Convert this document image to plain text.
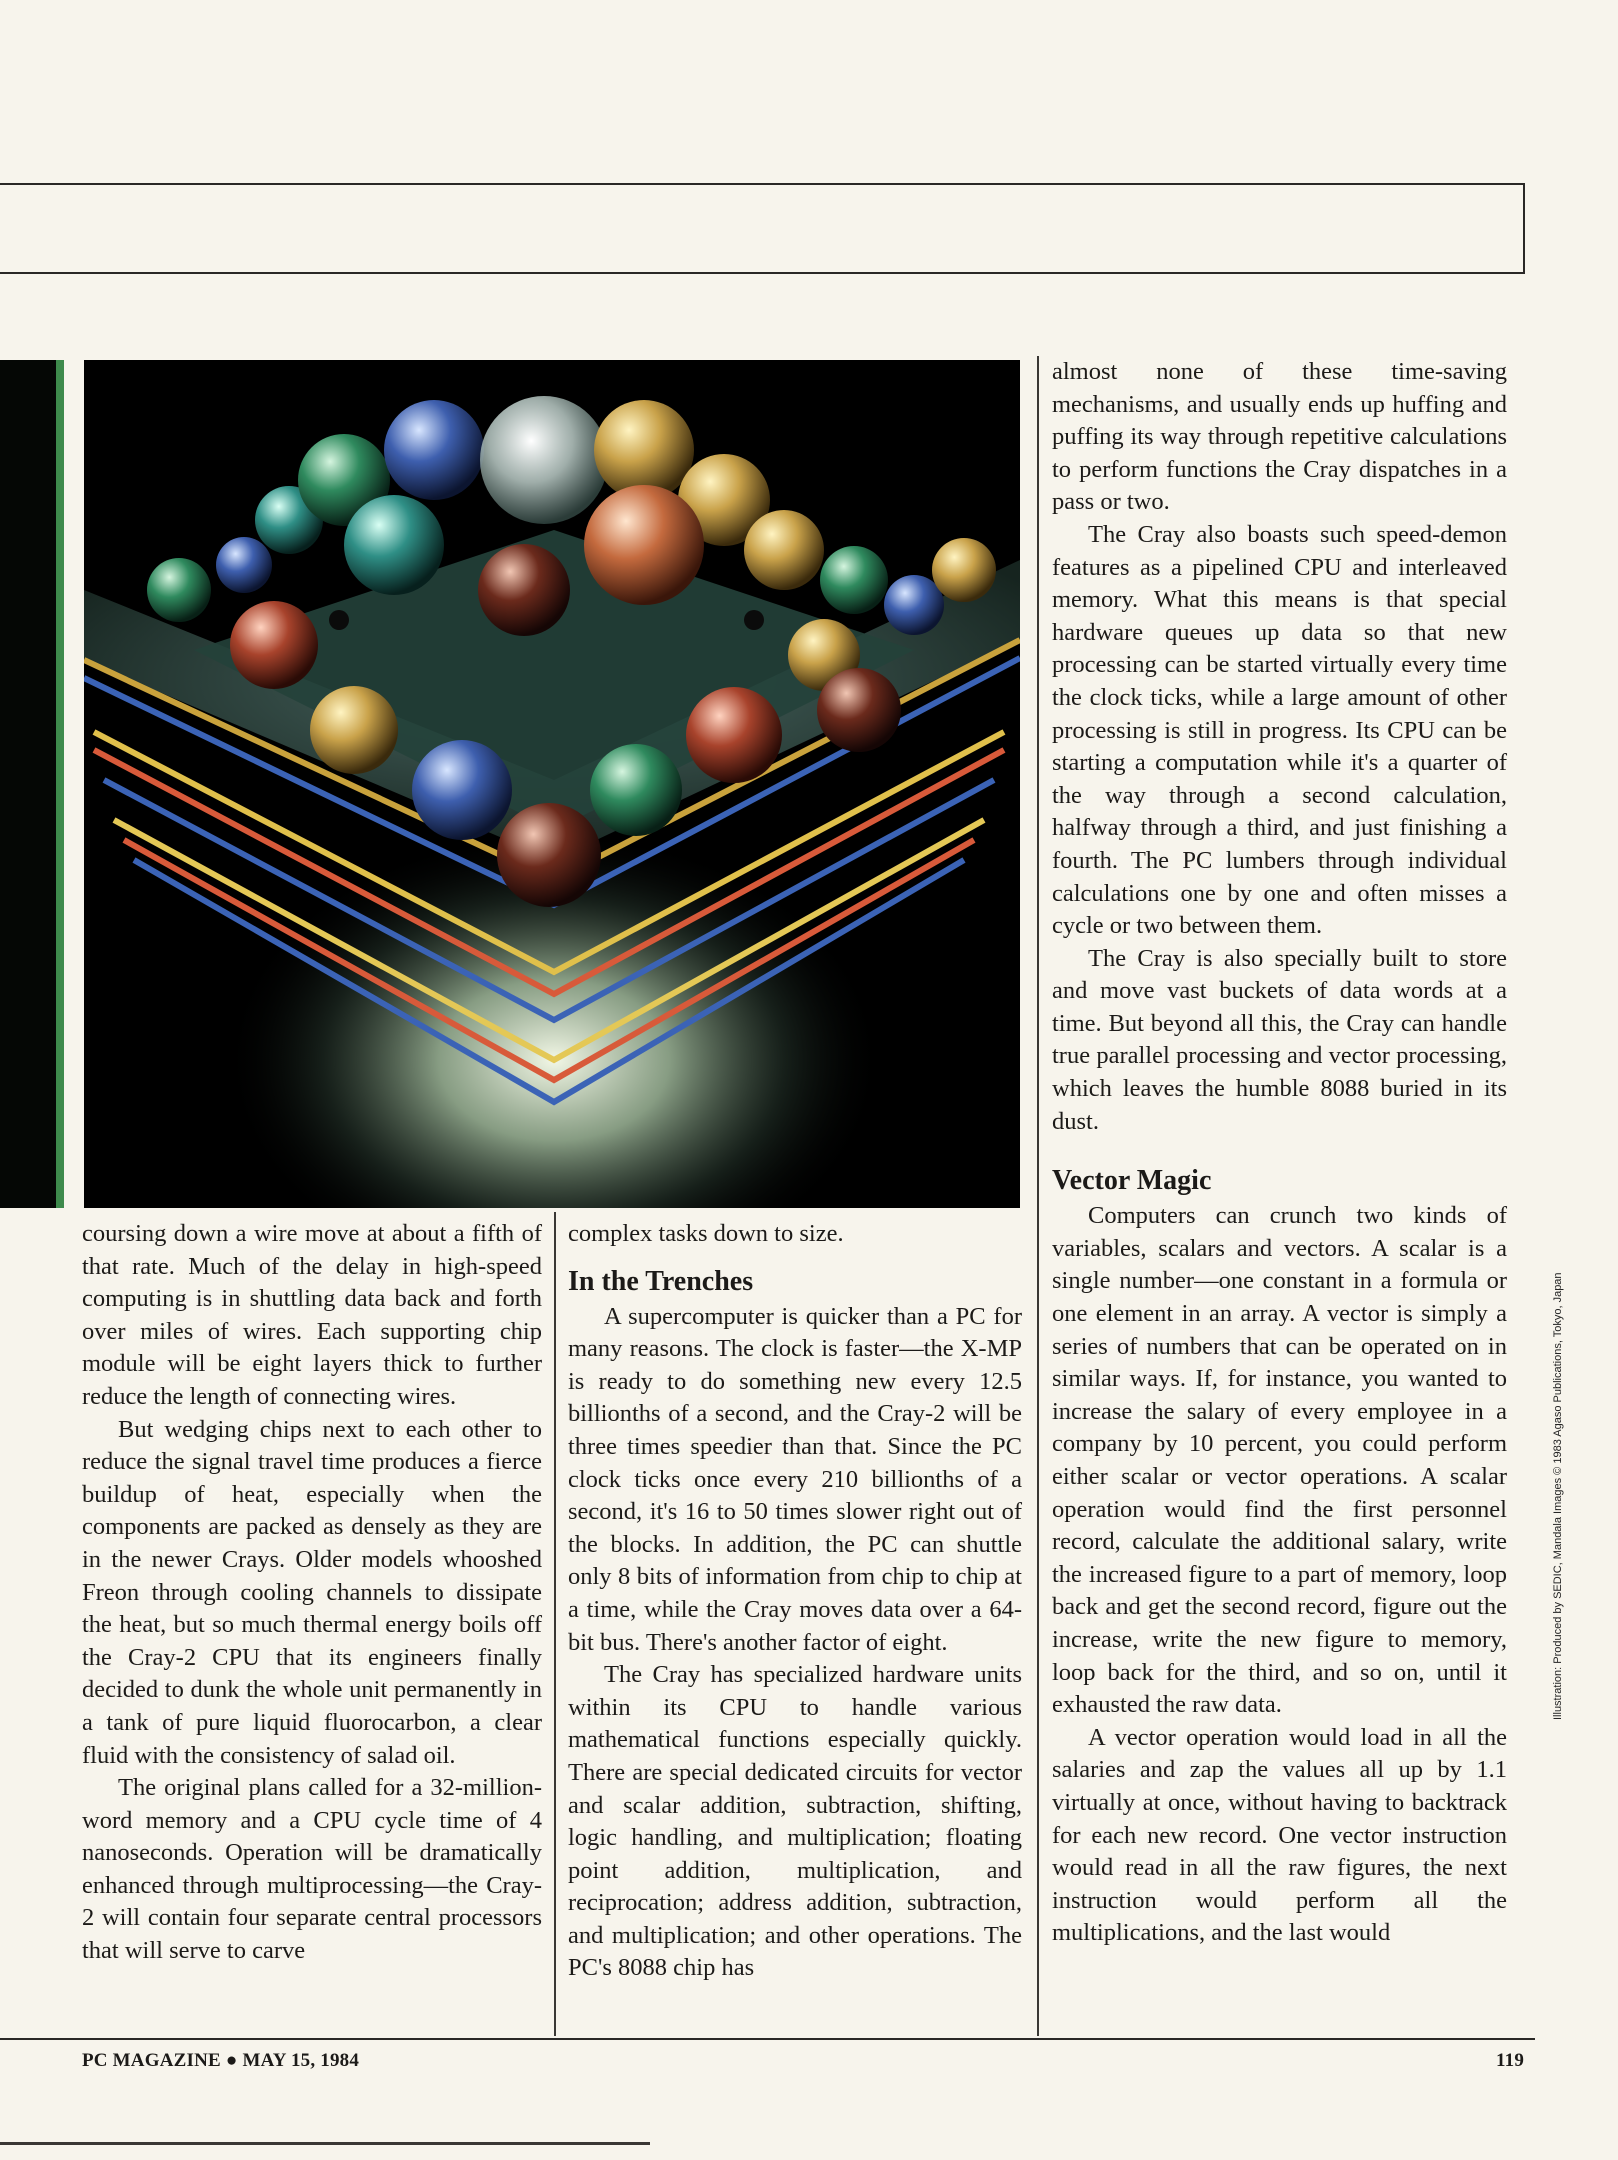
coursing down a wire move at about a fifth of that rate. Much of the delay in high-speed computing is in shuttling data back and forth over miles of wires. Each supporting chip module will be eight layers thick to further reduce the length of connecting wires.

But wedging chips next to each other to reduce the signal travel time produces a fierce buildup of heat, especially when the components are packed as densely as they are in the newer Crays. Older models whooshed Freon through cooling channels to dissipate the heat, but so much thermal energy boils off the Cray-2 CPU that its engineers finally decided to dunk the whole unit permanently in a tank of pure liquid fluorocarbon, a clear fluid with the consistency of salad oil.

The original plans called for a 32-million-word memory and a CPU cycle time of 4 nanoseconds. Operation will be dramatically enhanced through multiprocessing—the Cray-2 will contain four separate central processors that will serve to carve

complex tasks down to size.

In the Trenches

A supercomputer is quicker than a PC for many reasons. The clock is faster—the X-MP is ready to do something new every 12.5 billionths of a second, and the Cray-2 will be three times speedier than that. Since the PC clock ticks once every 210 billionths of a second, it's 16 to 50 times slower right out of the blocks. In addition, the PC can shuttle only 8 bits of information from chip to chip at a time, while the Cray moves data over a 64-bit bus. There's another factor of eight.

The Cray has specialized hardware units within its CPU to handle various mathematical functions especially quickly. There are special dedicated circuits for vector and scalar addition, subtraction, shifting, logic handling, and multiplication; floating point addition, multiplication, and reciprocation; address addition, subtraction, and multiplication; and other operations. The PC's 8088 chip has

almost none of these time-saving mechanisms, and usually ends up huffing and puffing its way through repetitive calculations to perform functions the Cray dispatches in a pass or two.

The Cray also boasts such speed-demon features as a pipelined CPU and interleaved memory. What this means is that special hardware queues up data so that new processing can be started virtually every time the clock ticks, while a large amount of other processing is still in progress. Its CPU can be starting a computation while it's a quarter of the way through a second calculation, halfway through a third, and just finishing a fourth. The PC lumbers through individual calculations one by one and often misses a cycle or two between them.

The Cray is also specially built to store and move vast buckets of data words at a time. But beyond all this, the Cray can handle true parallel processing and vector processing, which leaves the humble 8088 buried in its dust.

Vector Magic

Computers can crunch two kinds of variables, scalars and vectors. A scalar is a single number—one constant in a formula or one element in an array. A vector is simply a series of numbers that can be operated on in similar ways. If, for instance, you wanted to increase the salary of every employee in a company by 10 percent, you could perform either scalar or vector operations. A scalar operation would find the first personnel record, calculate the additional salary, write the increased figure to a part of memory, loop back and get the second record, figure out the increase, write the new figure to memory, loop back for the third, and so on, until it exhausted the raw data.

A vector operation would load in all the salaries and zap the values all up by 1.1 virtually at once, without having to backtrack for each new record. One vector instruction would read in all the raw figures, the next instruction would perform all the multiplications, and the last would

Illustration: Produced by SEDIC, Mandala Images © 1983 Agaso Publications, Tokyo, Japan
PC MAGAZINE ● MAY 15, 1984	119
